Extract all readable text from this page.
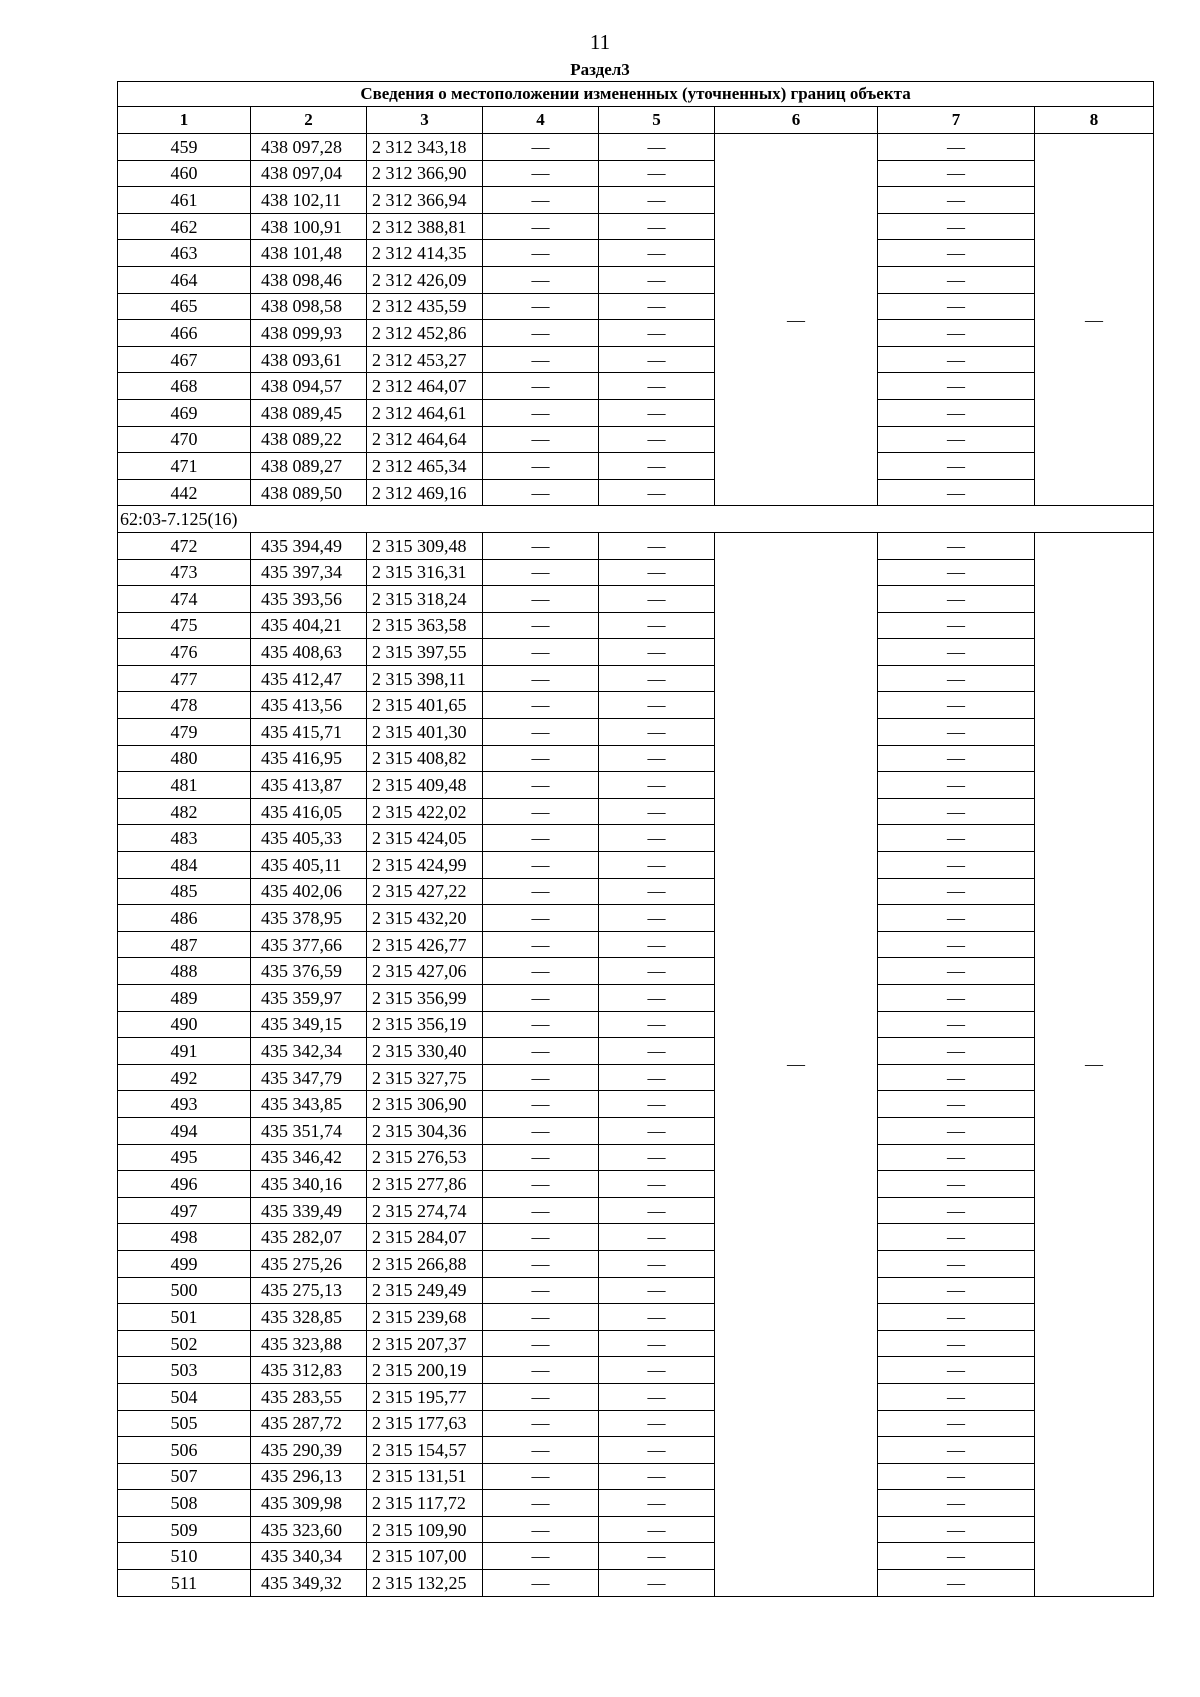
11
Раздел3
Сведения о местоположении измененных (уточненных) границ объекта							
1	2	3	4	5	6	7	8
459	438 097,28	2 312 343,18	—	—	—	—	—
460	438 097,04	2 312 366,90	—	—		—	
461	438 102,11	2 312 366,94	—	—		—	
462	438 100,91	2 312 388,81	—	—		—	
463	438 101,48	2 312 414,35	—	—		—	
464	438 098,46	2 312 426,09	—	—		—	
465	438 098,58	2 312 435,59	—	—		—	
466	438 099,93	2 312 452,86	—	—		—	
467	438 093,61	2 312 453,27	—	—		—	
468	438 094,57	2 312 464,07	—	—		—	
469	438 089,45	2 312 464,61	—	—		—	
470	438 089,22	2 312 464,64	—	—		—	
471	438 089,27	2 312 465,34	—	—		—	
442	438 089,50	2 312 469,16	—	—		—	
62:03-7.125(16)							
472	435 394,49	2 315 309,48	—	—	—	—	—
473	435 397,34	2 315 316,31	—	—		—	
474	435 393,56	2 315 318,24	—	—		—	
475	435 404,21	2 315 363,58	—	—		—	
476	435 408,63	2 315 397,55	—	—		—	
477	435 412,47	2 315 398,11	—	—		—	
478	435 413,56	2 315 401,65	—	—		—	
479	435 415,71	2 315 401,30	—	—		—	
480	435 416,95	2 315 408,82	—	—		—	
481	435 413,87	2 315 409,48	—	—		—	
482	435 416,05	2 315 422,02	—	—		—	
483	435 405,33	2 315 424,05	—	—		—	
484	435 405,11	2 315 424,99	—	—		—	
485	435 402,06	2 315 427,22	—	—		—	
486	435 378,95	2 315 432,20	—	—		—	
487	435 377,66	2 315 426,77	—	—		—	
488	435 376,59	2 315 427,06	—	—		—	
489	435 359,97	2 315 356,99	—	—		—	
490	435 349,15	2 315 356,19	—	—		—	
491	435 342,34	2 315 330,40	—	—		—	
492	435 347,79	2 315 327,75	—	—		—	
493	435 343,85	2 315 306,90	—	—		—	
494	435 351,74	2 315 304,36	—	—		—	
495	435 346,42	2 315 276,53	—	—		—	
496	435 340,16	2 315 277,86	—	—		—	
497	435 339,49	2 315 274,74	—	—		—	
498	435 282,07	2 315 284,07	—	—		—	
499	435 275,26	2 315 266,88	—	—		—	
500	435 275,13	2 315 249,49	—	—		—	
501	435 328,85	2 315 239,68	—	—		—	
502	435 323,88	2 315 207,37	—	—		—	
503	435 312,83	2 315 200,19	—	—		—	
504	435 283,55	2 315 195,77	—	—		—	
505	435 287,72	2 315 177,63	—	—		—	
506	435 290,39	2 315 154,57	—	—		—	
507	435 296,13	2 315 131,51	—	—		—	
508	435 309,98	2 315 117,72	—	—		—	
509	435 323,60	2 315 109,90	—	—		—	
510	435 340,34	2 315 107,00	—	—		—	
511	435 349,32	2 315 132,25	—	—		—	
